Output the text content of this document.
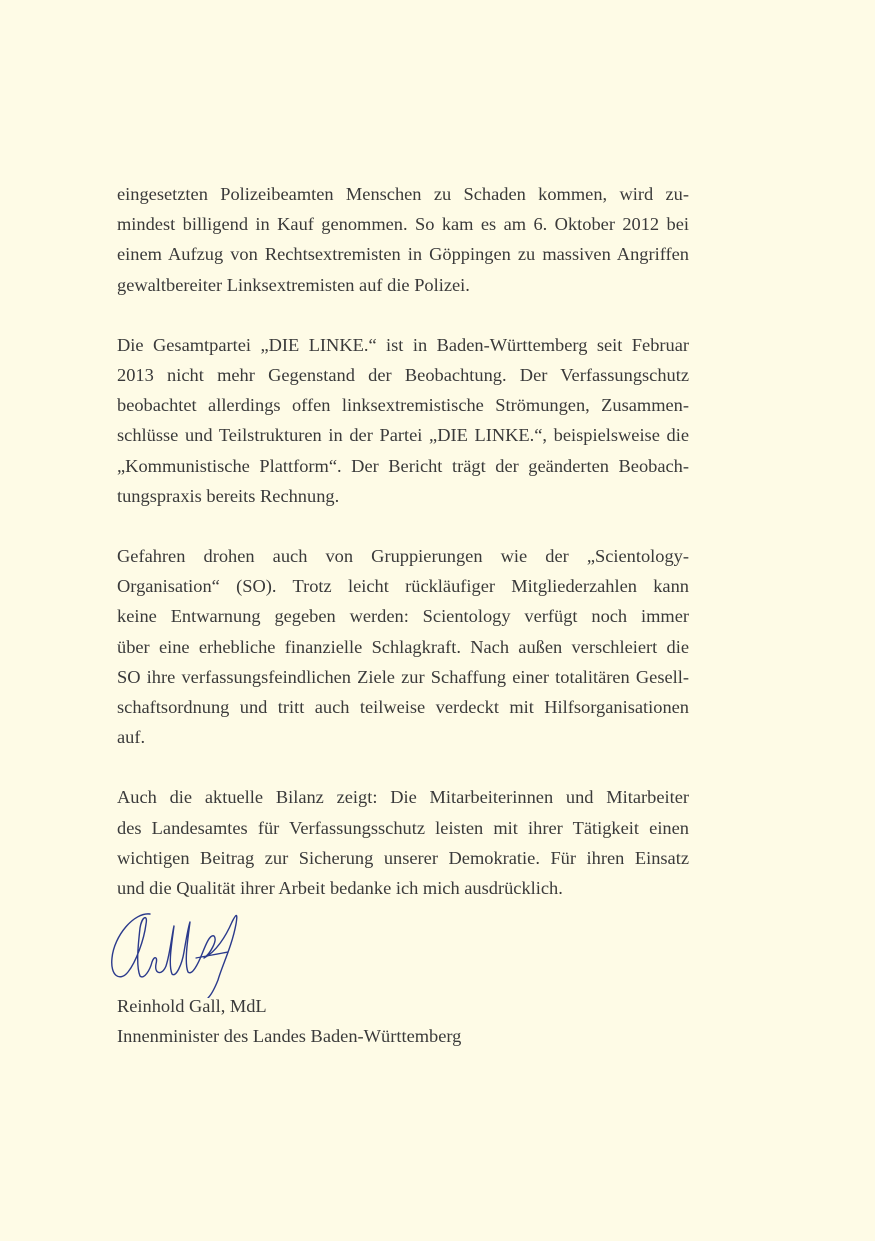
eingesetzten Polizeibeamten Menschen zu Schaden kommen, wird zu-
mindest billigend in Kauf genommen. So kam es am 6. Oktober 2012 bei
einem Aufzug von Rechtsextremisten in Göppingen zu massiven Angriffen
gewaltbereiter Linksextremisten auf die Polizei.

Die Gesamtpartei „DIE LINKE.“ ist in Baden-Württemberg seit Februar
2013 nicht mehr Gegenstand der Beobachtung. Der Verfassungschutz
beobachtet allerdings offen linksextremistische Strömungen, Zusammen-
schlüsse und Teilstrukturen in der Partei „DIE LINKE.“, beispielsweise die
„Kommunistische Plattform“. Der Bericht trägt der geänderten Beobach-
tungspraxis bereits Rechnung.

Gefahren drohen auch von Gruppierungen wie der „Scientology-
Organisation“ (SO). Trotz leicht rückläufiger Mitgliederzahlen kann
keine Entwarnung gegeben werden: Scientology verfügt noch immer
über eine erhebliche finanzielle Schlagkraft. Nach außen verschleiert die
SO ihre verfassungsfeindlichen Ziele zur Schaffung einer totalitären Gesell-
schaftsordnung und tritt auch teilweise verdeckt mit Hilfsorganisationen
auf.

Auch die aktuelle Bilanz zeigt: Die Mitarbeiterinnen und Mitarbeiter
des Landesamtes für Verfassungsschutz leisten mit ihrer Tätigkeit einen
wichtigen Beitrag zur Sicherung unserer Demokratie. Für ihren Einsatz
und die Qualität ihrer Arbeit bedanke ich mich ausdrücklich.

Reinhold Gall, MdL
Innenminister des Landes Baden-Württemberg
